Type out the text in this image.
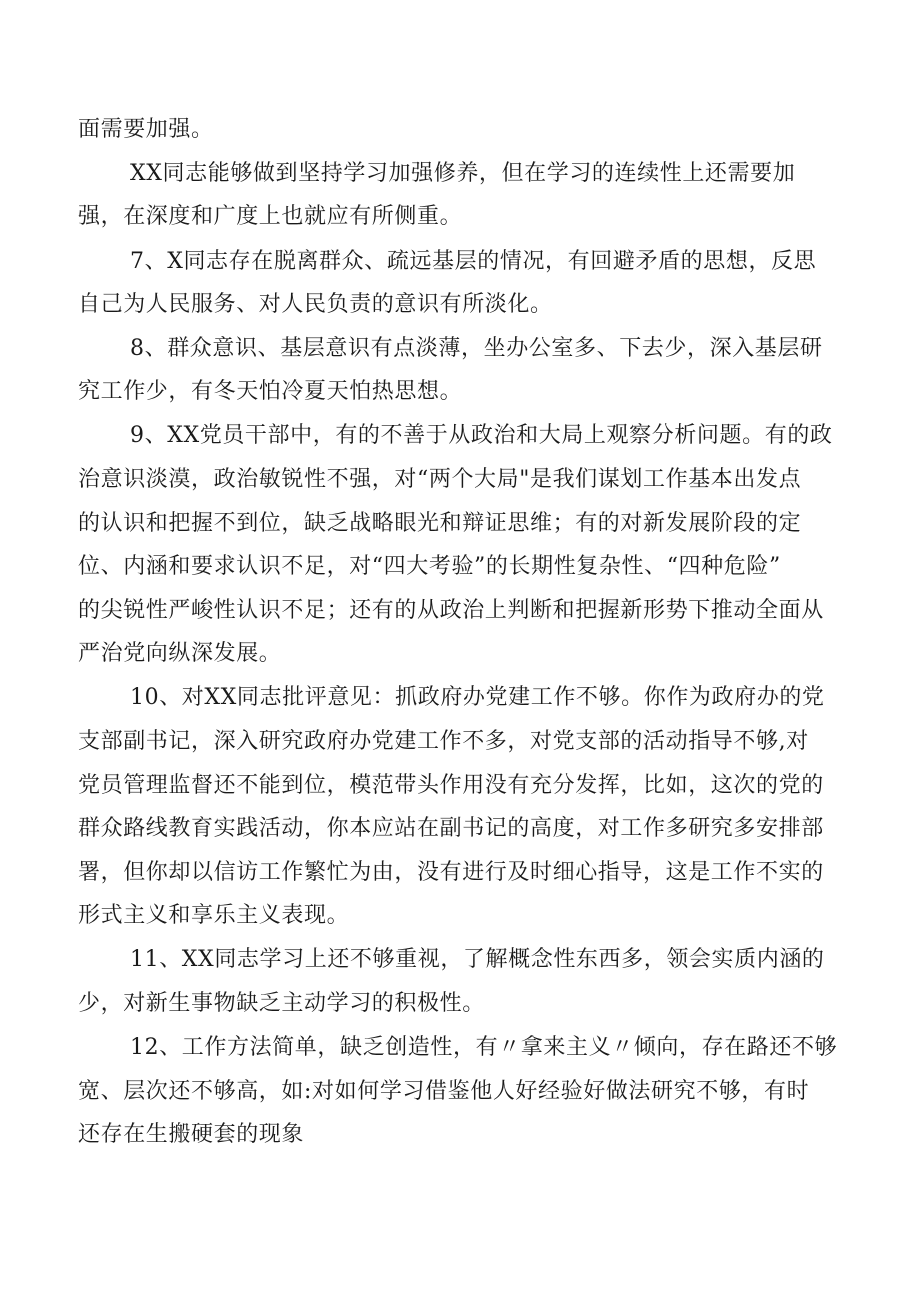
面需要加强。
XX同志能够做到坚持学习加强修养，但在学习的连续性上还需要加
强，在深度和广度上也就应有所侧重。
7、X同志存在脱离群众、疏远基层的情况，有回避矛盾的思想，反思
自己为人民服务、对人民负责的意识有所淡化。
8、群众意识、基层意识有点淡薄，坐办公室多、下去少，深入基层研
究工作少，有冬天怕冷夏天怕热思想。
9、XX党员干部中，有的不善于从政治和大局上观察分析问题。有的政
治意识淡漠，政治敏锐性不强，对“两个大局"是我们谋划工作基本出发点
的认识和把握不到位，缺乏战略眼光和辩证思维；有的对新发展阶段的定
位、内涵和要求认识不足，对“四大考验”的长期性复杂性、“四种危险”
的尖锐性严峻性认识不足；还有的从政治上判断和把握新形势下推动全面从
严治党向纵深发展。
10、对XX同志批评意见：抓政府办党建工作不够。你作为政府办的党
支部副书记，深入研究政府办党建工作不多，对党支部的活动指导不够,对
党员管理监督还不能到位，模范带头作用没有充分发挥，比如，这次的党的
群众路线教育实践活动，你本应站在副书记的高度，对工作多研究多安排部
署，但你却以信访工作繁忙为由，没有进行及时细心指导，这是工作不实的
形式主义和享乐主义表现。
11、XX同志学习上还不够重视，了解概念性东西多，领会实质内涵的
少，对新生事物缺乏主动学习的积极性。
12、工作方法简单，缺乏创造性，有〃拿来主义〃倾向，存在路还不够
宽、层次还不够高，如:对如何学习借鉴他人好经验好做法研究不够，有时
还存在生搬硬套的现象
